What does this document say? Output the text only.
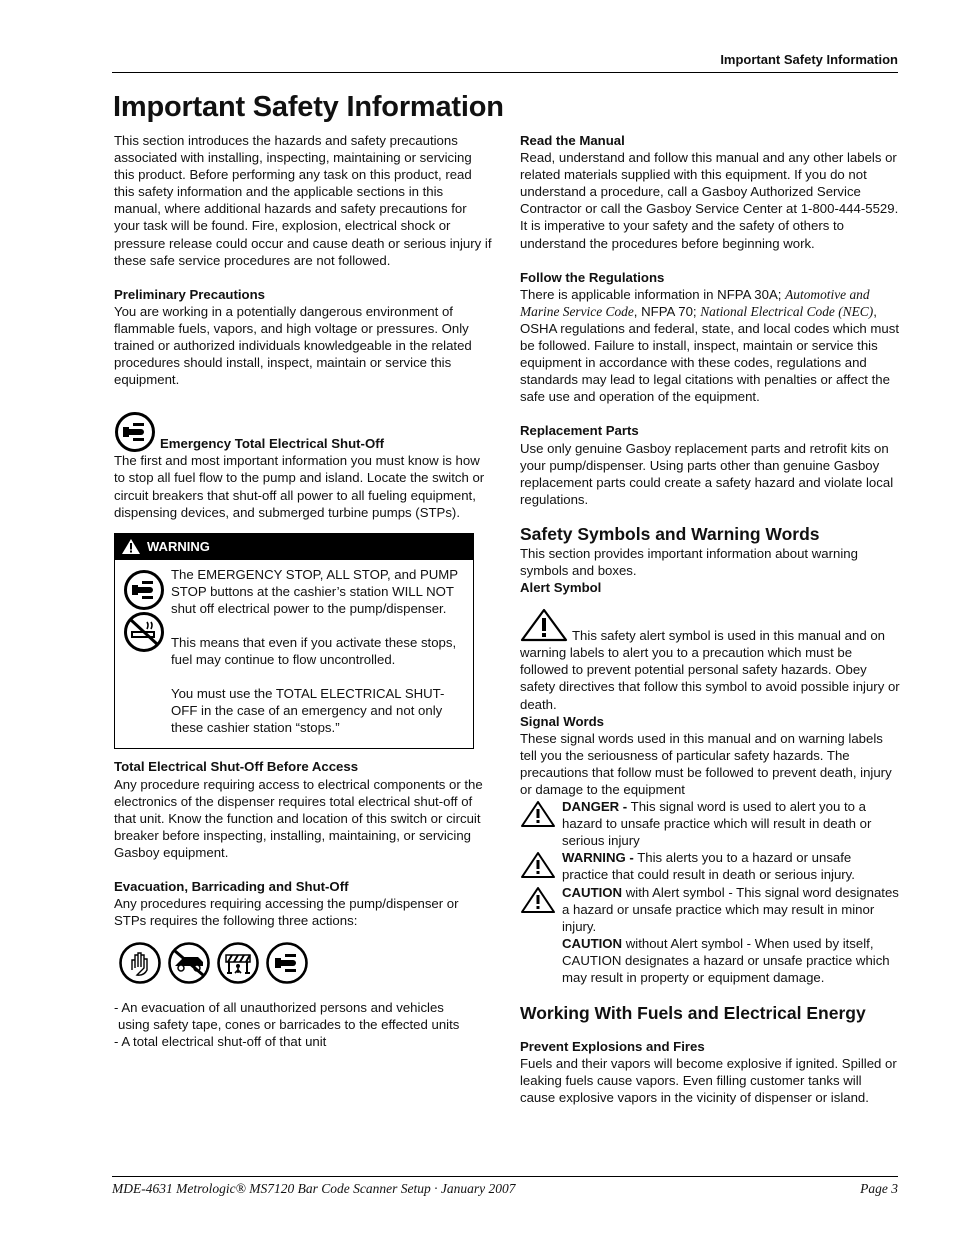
Important Safety Information
Important Safety Information

This section introduces the hazards and safety precautions associated with installing, inspecting, maintaining or servicing this product. Before performing any task on this product, read this safety information and the applicable sections in this manual, where additional hazards and safety precautions for your task will be found. Fire, explosion, electrical shock or pressure release could occur and cause death or serious injury if these safe service procedures are not followed.

Preliminary Precautions

You are working in a potentially dangerous environment of flammable fuels, vapors, and high voltage or pressures. Only trained or authorized individuals knowledgeable in the related procedures should install, inspect, maintain or service this equipment.

Emergency Total Electrical Shut-Off

The first and most important information you must know is how to stop all fuel flow to the pump and island. Locate the switch or circuit breakers that shut-off all power to all fueling equipment, dispensing devices, and submerged turbine pumps (STPs).

WARNING

The EMERGENCY STOP, ALL STOP, and PUMP STOP buttons at the cashier’s station WILL NOT shut off electrical power to the pump/dispenser.

This means that even if you activate these stops, fuel may continue to flow uncontrolled.

You must use the TOTAL ELECTRICAL SHUT-OFF in the case of an emergency and not only these cashier station “stops.”

Total Electrical Shut-Off Before Access

Any procedure requiring access to electrical components or the electronics of the dispenser requires total electrical shut-off of that unit. Know the function and location of this switch or circuit breaker before inspecting, installing, maintaining, or servicing Gasboy equipment.

Evacuation, Barricading and Shut-Off

Any procedures requiring accessing the pump/dispenser or STPs requires the following three actions:

- An evacuation of all unauthorized persons and vehicles

using safety tape, cones or barricades to the effected units

- A total electrical shut-off of that unit

Read the Manual

Read, understand and follow this manual and any other labels or related materials supplied with this equipment. If you do not understand a procedure, call a Gasboy Authorized Service Contractor or call the Gasboy Service Center at 1-800-444-5529. It is imperative to your safety and the safety of others to understand the procedures before beginning work.

Follow the Regulations

There is applicable information in NFPA 30A; Automotive and Marine Service Code, NFPA 70; National Electrical Code (NEC), OSHA regulations and federal, state, and local codes which must be followed. Failure to install, inspect, maintain or service this equipment in accordance with these codes, regulations and standards may lead to legal citations with penalties or affect the safe use and operation of the equipment.

Replacement Parts

Use only genuine Gasboy replacement parts and retrofit kits on your pump/dispenser. Using parts other than genuine Gasboy replacement parts could create a safety hazard and violate local regulations.

Safety Symbols and Warning Words

This section provides important information about warning symbols and boxes.

Alert Symbol

This safety alert symbol is used in this manual and on warning labels to alert you to a precaution which must be followed to prevent potential personal safety hazards. Obey safety directives that follow this symbol to avoid possible injury or death.

Signal Words

These signal words used in this manual and on warning labels tell you the seriousness of particular safety hazards. The precautions that follow must be followed to prevent death, injury or damage to the equipment

DANGER - This signal word is used to alert you to a hazard to unsafe practice which will result in death or serious injury
WARNING - This alerts you to a hazard or unsafe practice that could result in death or serious injury.
CAUTION with Alert symbol - This signal word designates a hazard or unsafe practice which may result in minor injury.
CAUTION without Alert symbol - When used by itself, CAUTION designates a hazard or unsafe practice which may result in property or equipment damage.

Working With Fuels and Electrical Energy

Prevent Explosions and Fires

Fuels and their vapors will become explosive if ignited. Spilled or leaking fuels cause vapors. Even filling customer tanks will cause explosive vapors in the vicinity of dispenser or island.

MDE-4631 Metrologic® MS7120 Bar Code Scanner Setup · January 2007	Page 3
